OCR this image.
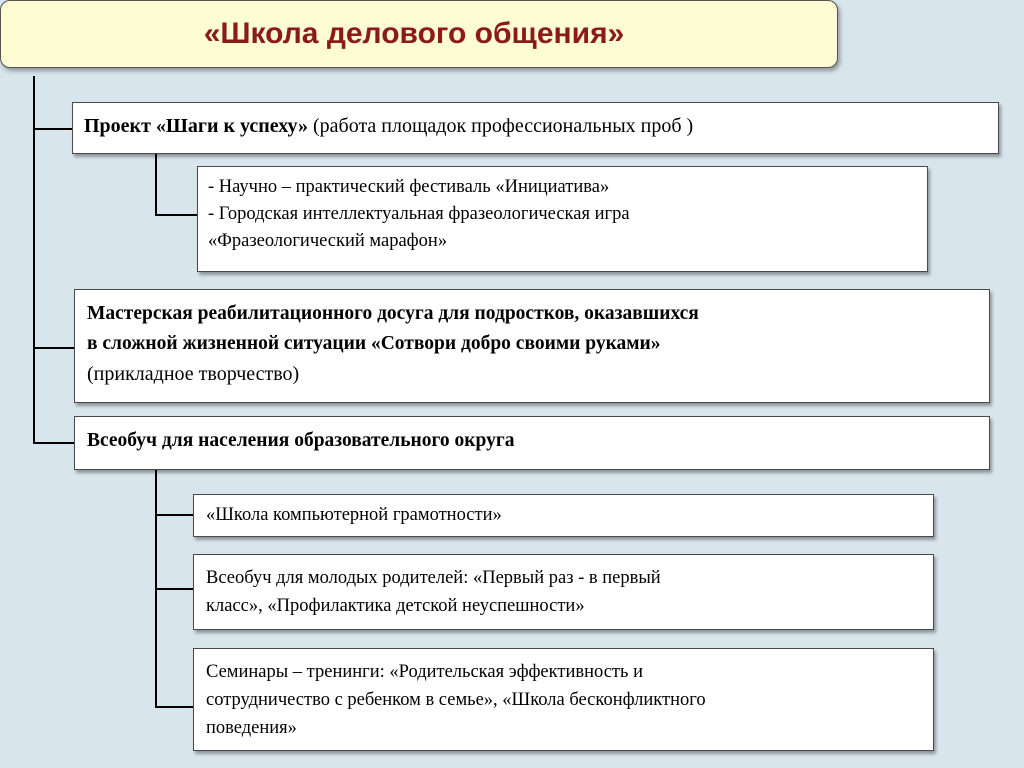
«Школа делового общения»
Проект «Шаги к успеху» (работа площадок профессиональных проб )
- Научно – практический фестиваль «Инициатива»
- Городская интеллектуальная фразеологическая игра
«Фразеологический марафон»
Мастерская реабилитационного досуга для подростков, оказавшихся
в сложной жизненной ситуации «Сотвори добро своими руками»
(прикладное творчество)
Всеобуч для населения образовательного округа
«Школа компьютерной грамотности»
Всеобуч для молодых родителей: «Первый раз - в первый
класс», «Профилактика детской неуспешности»
Семинары – тренинги: «Родительская эффективность и
сотрудничество с ребенком в семье», «Школа бесконфликтного
поведения»
